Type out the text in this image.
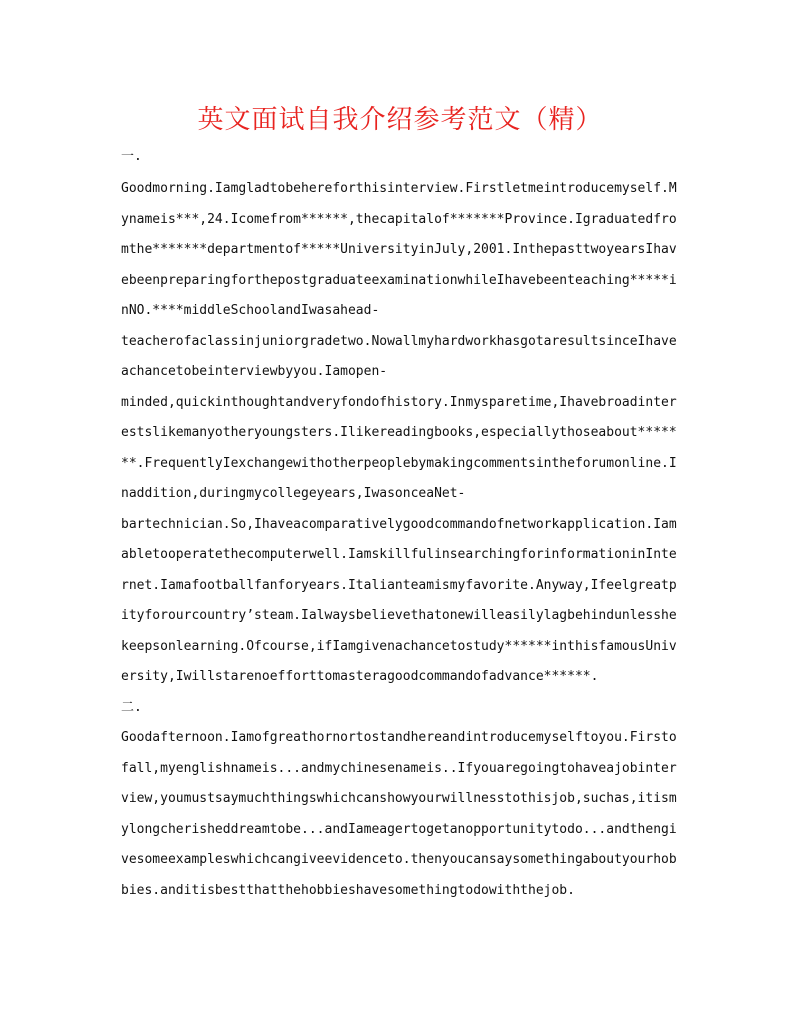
英文面试自我介绍参考范文（精）
一.
Goodmorning.Iamgladtobehereforthisinterview.Firstletmeintroducemyself.M
ynameis***,24.Icomefrom******,thecapitalof*******Province.Igraduatedfro
mthe*******departmentof*****UniversityinJuly,2001.InthepasttwoyearsIhav
ebeenpreparingforthepostgraduateexaminationwhileIhavebeenteaching*****i
nNO.****middleSchoolandIwasahead-
teacherofaclassinjuniorgradetwo.NowallmyhardworkhasgotaresultsinceIhave
achancetobeinterviewbyyou.Iamopen-
minded,quickinthoughtandveryfondofhistory.Inmysparetime,Ihavebroadinter
estslikemanyotheryoungsters.Ilikereadingbooks,especiallythoseabout*****
**.FrequentlyIexchangewithotherpeoplebymakingcommentsintheforumonline.I
naddition,duringmycollegeyears,IwasonceaNet-
bartechnician.So,Ihaveacomparativelygoodcommandofnetworkapplication.Iam
abletooperatethecomputerwell.IamskillfulinsearchingforinformationinInte
rnet.Iamafootballfanforyears.Italianteamismyfavorite.Anyway,Ifeelgreatp
ityforourcountry’steam.Ialwaysbelievethatonewilleasilylagbehindunlesshe
keepsonlearning.Ofcourse,ifIamgivenachancetostudy******inthisfamousUniv
ersity,Iwillstarenoefforttomasteragoodcommandofadvance******.
二.
Goodafternoon.Iamofgreathornortostandhereandintroducemyselftoyou.Firsto
fall,myenglishnameis...andmychinesenameis..Ifyouaregoingtohaveajobinter
view,youmustsaymuchthingswhichcanshowyourwillnesstothisjob,suchas,itism
ylongcherisheddreamtobe...andIameagertogetanopportunitytodo...andthengi
vesomeexampleswhichcangiveevidenceto.thenyoucansaysomethingaboutyourhob
bies.anditisbestthatthehobbieshavesomethingtodowiththejob.
